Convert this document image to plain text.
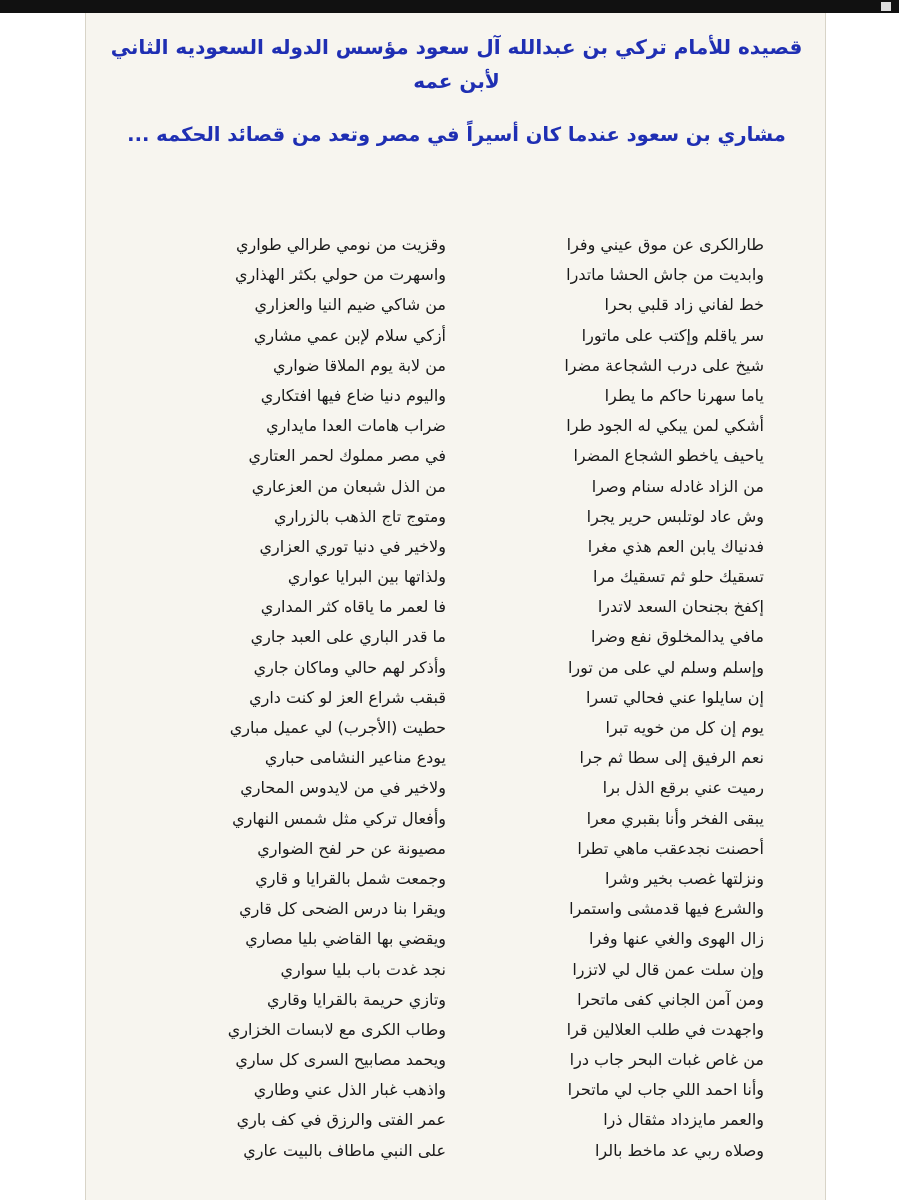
قصيده للأمام تركي بن عبدالله آل سعود مؤسس الدوله السعوديه الثاني
لأبن عمه
مشاري بن سعود عندما كان أسيراً في مصر وتعد من قصائد الحكمه ...
طارالكرى عن موق عيني وفرا
وابديت من جاش الحشا ماتدرا
خط لفاني زاد قلبي بحرا
سر ياقلم وإكتب على ماتورا
شيخ على درب الشجاعة مضرا
ياما سهرنا حاكم ما يطرا
أشكي لمن يبكي له الجود طرا
ياحيف ياخطو الشجاع المضرا
من الزاد غادله سنام وصرا
وش عاد لوتلبس حرير يجرا
فدنياك يابن العم هذي مغرا
تسقيك حلو ثم تسقيك مرا
إكفخ بجنحان السعد لاتدرا
مافي يدالمخلوق نفع وضرا
وإسلم وسلم لي على من تورا
إن سايلوا عني فحالي تسرا
يوم إن كل من خويه تبرا
نعم الرفيق إلى سطا ثم جرا
رميت عني برقع الذل برا
يبقى الفخر وأنا بقبري معرا
أحصنت نجدعقب ماهي تطرا
ونزلتها غصب بخير وشرا
والشرع فيها قدمشى واستمرا
زال الهوى والغي عنها وفرا
وإن سلت عمن قال لي لاتزرا
ومن آمن الجاني كفى ماتحرا
واجهدت في طلب العلالين قرا
من غاص غبات البحر جاب درا
وأنا احمد اللي جاب لي ماتحرا
والعمر مايزداد مثقال ذرا
وصلاه ربي عد ماخط بالرا
وقزيت من نومي طرالي طواري
واسهرت من حولي بكثر الهذاري
من شاكي ضيم النيا والعزاري
أزكي سلام لإبن عمي مشاري
من لابة يوم الملاقا ضواري
واليوم دنيا ضاع فيها افتكاري
ضراب هامات العدا مايداري
في مصر مملوك لحمر العتاري
من الذل شبعان من العزعاري
ومتوج تاج الذهب بالزراري
ولاخير في دنيا توري العزاري
ولذاتها بين البرايا عواري
فا لعمر ما ياقاه كثر المداري
ما قدر الباري على العبد جاري
وأذكر لهم حالي وماكان جاري
قبقب شراع العز لو كنت داري
حطيت (الأجرب) لي عميل مباري
يودع مناعير النشامى حباري
ولاخير في من لايدوس المحاري
وأفعال تركي مثل شمس النهاري
مصيونة عن حر لفح الضواري
وجمعت شمل بالقرايا و قاري
ويقرا بنا درس الضحى كل قاري
ويقضي بها القاضي بليا مصاري
نجد غدت باب بليا سواري
وتازي حريمة بالقرايا وقاري
وطاب الكرى مع لابسات الخزاري
ويحمد مصابيح السرى كل ساري
واذهب غبار الذل عني وطاري
عمر الفتى والرزق في كف باري
على النبي ماطاف بالبيت عاري
